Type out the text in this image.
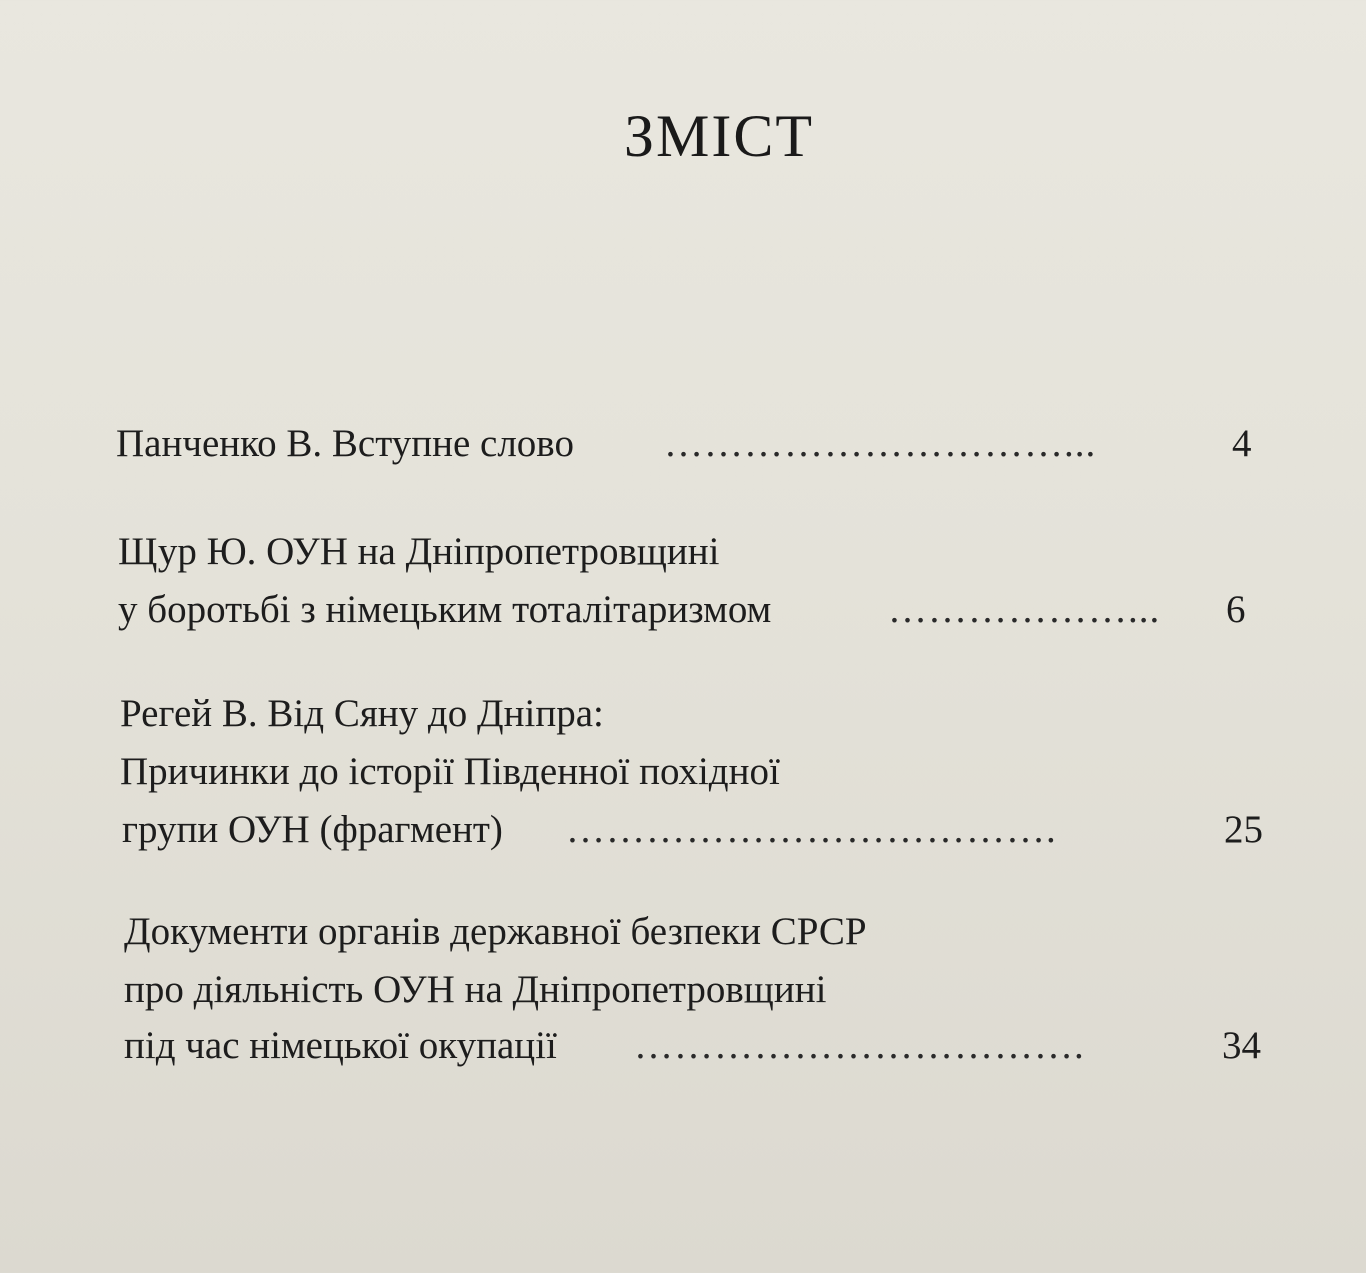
ЗМІСТ
Панченко В. Вступне слово …………………………...	4
Щур Ю. ОУН на Дніпропетровщині
у боротьбі з німецьким тоталітаризмом	………………...	6
Регей В. Від Сяну до Дніпра:
Причинки до історії Південної похідної
групи ОУН (фрагмент) ……………………………….	25
Документи органів державної безпеки СРСР
про діяльність ОУН на Дніпропетровщині
під час німецької окупації …………………………….	34
